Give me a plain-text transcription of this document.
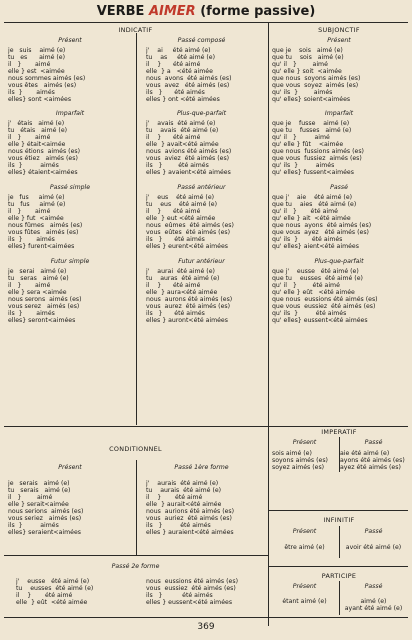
VERBE AIMER (forme passive)
INDICATIF	SUBJONCTIF
Présent	Passé composé	Présent
je   suis    aimé (e)
tu   es      aimé (e)
il   }       aimé
elle } est  <aimée
nous sommes aimés (es)
vous êtes   aimés (es)
ils  }       aimés
elles} sont <aimées
j'    ai     été aimé (e)
tu    as     été aimé (e)
il    }      été aimé
elle  } a   <été aimée
nous  avons  été aimés (es)
vous  avez   été aimés (es)
ils   }      été aimés
elles } ont <été aimées
que je    sois   aimé (e)
que tu    sois   aimé (e)
qu' il   }        aimé
qu' elle } soit  <aimée
que nous  soyons aimés (es)
que vous  soyez  aimés (es)
qu' ils  }        aimés
qu' elles} soient<aimées
Imparfait	Plus-que-parfait	Imparfait
j'   étais   aimé (e)
tu   étais   aimé (e)
il   }       aimé
elle } était<aimée
nous étions  aimés (es)
vous étiez   aimés (es)
ils  }         aimés
elles} étaient<aimées
j'    avais  été aimé (e)
tu    avais  été aimé (e)
il    }      été aimé
elle  } avait<été aimée
nous  avions été aimés (es)
vous  aviez  été aimés (es)
ils   }        été aimés
elles } avaient<été aimées
que je    fusse    aimé (e)
que tu    fusses   aimé (e)
qu' il   }         aimé
qu' elle } fût    <aimée
que nous  fussions aimés (es)
que vous  fussiez  aimés (es)
qu' ils  }         aimés
qu' elles} fussent<aimées
Passé simple	Passé antérieur	Passé
je   fus     aimé (e)
tu   fus     aimé (e)
il   }       aimé
elle } fut  <aimée
nous fûmes   aimés (es)
vous fûtes   aimés (es)
ils  }       aimés
elles} furent<aimées
j'    eus    été aimé (e)
tu    eus    été aimé (e)
il    }      été aimé
elle  } eut <été aimée
nous  eûmes  été aimés (es)
vous  eûtes  été aimés (es)
ils   }      été aimés
elles } eurent<été aimées
que j'    aie    été aimé (e)
que tu    aies   été aimé (e)
qu' il   }       été aimé
qu' elle } ait  <été aimée
que nous  ayons  été aimés (es)
que vous  ayez   été aimés (es)
qu' ils  }       été aimés
qu' elles} aient<été aimées
Futur simple	Futur antérieur	Plus-que-parfait
je   serai   aimé (e)
tu   seras   aimé (e)
il   }       aimé
elle } sera <aimée
nous serons  aimés (es)
vous serez   aimés (es)
ils  }       aimés
elles} seront<aimées
j'    aurai  été aimé (e)
tu    auras  été aimé (e)
il    }      été aimé
elle  } aura<été aimée
nous  aurons été aimés (es)
vous  aurez  été aimés (es)
ils   }      été aimés
elles } auront<été aimées
que j'    eusse   été aimé (e)
que tu    eusses  été aimé (e)
qu' il   }        été aimé
qu' elle } eût   <été aimée
que nous  eussions été aimés (es)
que vous  eussiez  été aimés (es)
qu' ils  }         été aimés
qu' elles} eussent<été aimées
CONDITIONNEL
Présent	Passé 1ère forme
je   serais   aimé (e)
tu   serais   aimé (e)
il   }        aimé
elle } serait<aimée
nous serions  aimés (es)
vous seriez   aimés (es)
ils  }         aimés
elles} seraient<aimées
j'    aurais  été aimé (e)
tu    aurais  été aimé (e)
il    }       été aimé
elle  } aurait<été aimée
nous  aurions été aimés (es)
vous  auriez  été aimés (es)
ils   }         été aimés
elles } auraient<été aimées
Passé 2e forme
j'    eusse   été aimé (e)
tu    eusses  été aimé (e)
il    }       été aimé
elle  } eût  <été aimée
nous  eussions été aimés (es)
vous  eussiez  été aimés (es)
ils   }          été aimés
elles } eussent<été aimées
IMPÉRATIF
Présent	Passé
sois aimé (e)
soyons aimés (es)
soyez aimés (es)
aie été aimé (e)
ayons été aimés (es)
ayez été aimés (es)
INFINITIF
Présent	Passé
être aimé (e)	avoir été aimé (e)
PARTICIPE
Présent	Passé
étant aimé (e)	aimé (e)
ayant été aimé (e)
369
